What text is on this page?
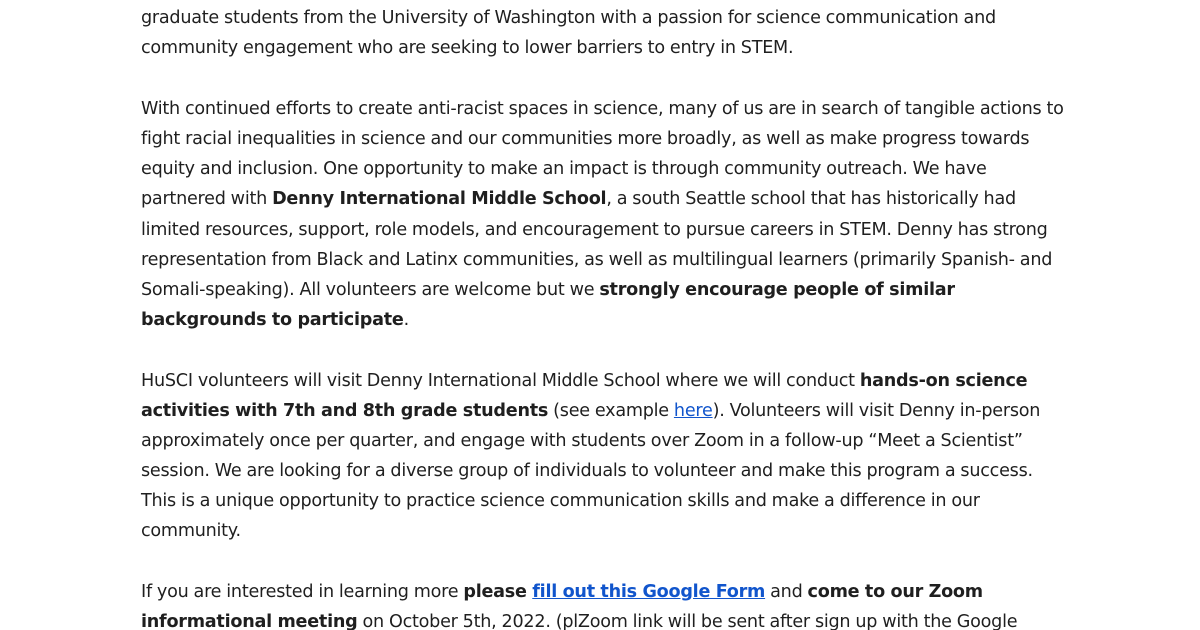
graduate students from the University of Washington with a passion for science communication and community engagement who are seeking to lower barriers to entry in STEM.

With continued efforts to create anti-racist spaces in science, many of us are in search of tangible actions to fight racial inequalities in science and our communities more broadly, as well as make progress towards equity and inclusion. One opportunity to make an impact is through community outreach. We have partnered with Denny International Middle School, a south Seattle school that has historically had limited resources, support, role models, and encouragement to pursue careers in STEM. Denny has strong representation from Black and Latinx communities, as well as multilingual learners (primarily Spanish- and Somali-speaking). All volunteers are welcome but we strongly encourage people of similar backgrounds to participate.

HuSCI volunteers will visit Denny International Middle School where we will conduct hands-on science activities with 7th and 8th grade students (see example here). Volunteers will visit Denny in-person approximately once per quarter, and engage with students over Zoom in a follow-up “Meet a Scientist” session. We are looking for a diverse group of individuals to volunteer and make this program a success. This is a unique opportunity to practice science communication skills and make a difference in our community.

If you are interested in learning more please fill out this Google Form and come to our Zoom informational meeting on October 5th, 2022. (plZoom link will be sent after sign up with the Google
